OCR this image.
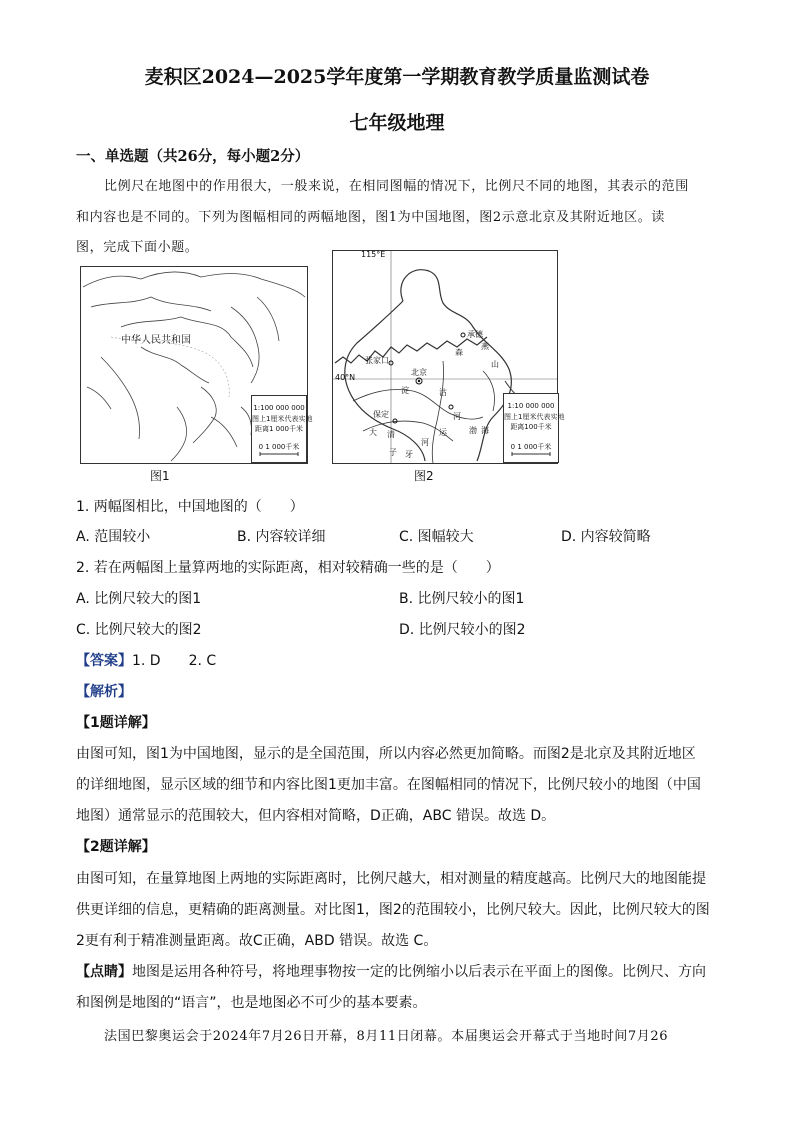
麦积区2024—2025学年度第一学期教育教学质量监测试卷
七年级地理
一、单选题（共26分，每小题2分）
比例尺在地图中的作用很大，一般来说，在相同图幅的情况下，比例尺不同的地图，其表示的范围
和内容也是不同的。下列为图幅相同的两幅地图，图1为中国地图，图2示意北京及其附近地区。读
图，完成下面小题。
中华人民共和国
1:100 000 000
图上1厘米代表实地
距离1 000千米
0 1 000千米
图1
115°E
40°N
承德
张家口
北京
保定
森
河
燕
山
运	渤 海
淀	沽
子 牙
大 清
河
1:10 000 000
图上1厘米代表实地
距离100千米
0 1 000千米
图2
1. 两幅图相比，中国地图的（　　）
A. 范围较小	B. 内容较详细	C. 图幅较大	D. 内容较简略
2. 若在两幅图上量算两地的实际距离，相对较精确一些的是（　　）
A. 比例尺较大的图1	B. 比例尺较小的图1
C. 比例尺较大的图2	D. 比例尺较小的图2
【答案】1. D　　2. C
【解析】
【1题详解】
由图可知，图1为中国地图，显示的是全国范围，所以内容必然更加简略。而图2是北京及其附近地区
的详细地图，显示区域的细节和内容比图1更加丰富。在图幅相同的情况下，比例尺较小的地图（中国
地图）通常显示的范围较大，但内容相对简略，D正确，ABC 错误。故选 D。
【2题详解】
由图可知，在量算地图上两地的实际距离时，比例尺越大，相对测量的精度越高。比例尺大的地图能提
供更详细的信息，更精确的距离测量。对比图1，图2的范围较小，比例尺较大。因此，比例尺较大的图
2更有利于精准测量距离。故C正确，ABD 错误。故选 C。
【点睛】地图是运用各种符号，将地理事物按一定的比例缩小以后表示在平面上的图像。比例尺、方向
和图例是地图的“语言”，也是地图必不可少的基本要素。
法国巴黎奥运会于2024年7月26日开幕，8月11日闭幕。本届奥运会开幕式于当地时间7月26
